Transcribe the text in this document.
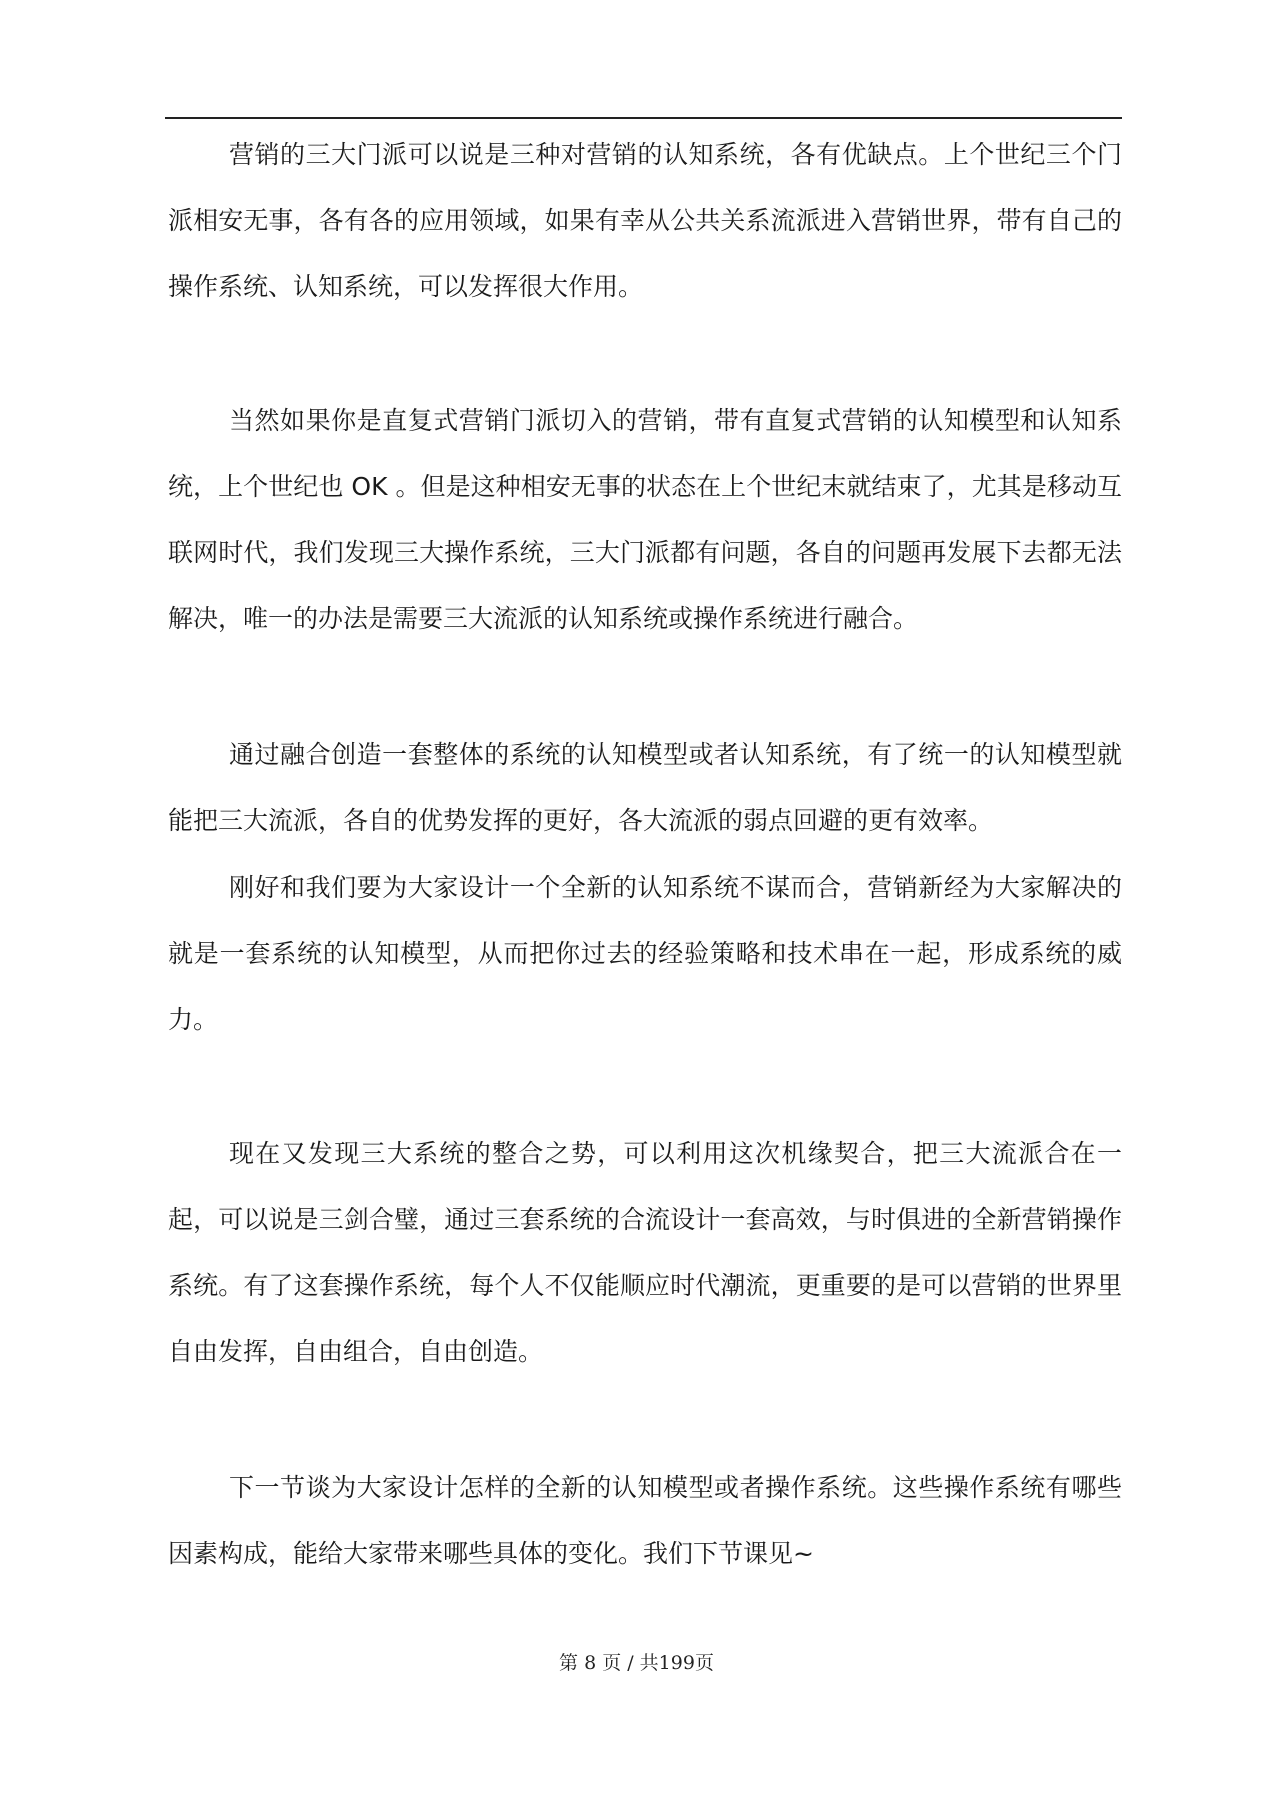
营销的三大门派可以说是三种对营销的认知系统，各有优缺点。上个世纪三个门派相安无事，各有各的应用领域，如果有幸从公共关系流派进入营销世界，带有自己的操作系统、认知系统，可以发挥很大作用。

当然如果你是直复式营销门派切入的营销，带有直复式营销的认知模型和认知系统，上个世纪也 OK 。但是这种相安无事的状态在上个世纪末就结束了，尤其是移动互联网时代，我们发现三大操作系统，三大门派都有问题，各自的问题再发展下去都无法解决，唯一的办法是需要三大流派的认知系统或操作系统进行融合。

通过融合创造一套整体的系统的认知模型或者认知系统，有了统一的认知模型就能把三大流派，各自的优势发挥的更好，各大流派的弱点回避的更有效率。

刚好和我们要为大家设计一个全新的认知系统不谋而合，营销新经为大家解决的就是一套系统的认知模型，从而把你过去的经验策略和技术串在一起，形成系统的威力。

现在又发现三大系统的整合之势，可以利用这次机缘契合，把三大流派合在一起，可以说是三剑合璧，通过三套系统的合流设计一套高效，与时俱进的全新营销操作系统。有了这套操作系统，每个人不仅能顺应时代潮流，更重要的是可以营销的世界里自由发挥，自由组合，自由创造。

下一节谈为大家设计怎样的全新的认知模型或者操作系统。这些操作系统有哪些因素构成，能给大家带来哪些具体的变化。我们下节课见~

第 8 页 / 共199页
